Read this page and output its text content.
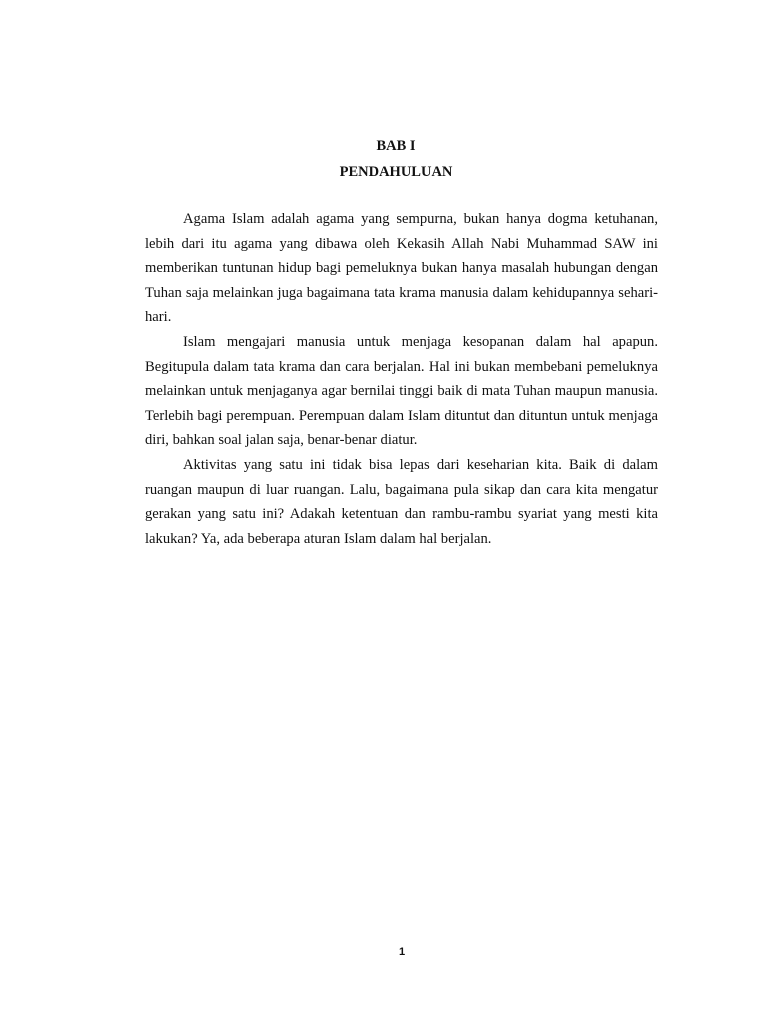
BAB I
PENDAHULUAN

Agama Islam adalah agama yang sempurna, bukan hanya dogma ketuhanan, lebih dari itu agama yang dibawa oleh Kekasih Allah Nabi Muhammad SAW ini memberikan tuntunan hidup bagi pemeluknya bukan hanya masalah hubungan dengan Tuhan saja melainkan juga bagaimana tata krama manusia dalam kehidupannya sehari-hari.

Islam mengajari manusia untuk menjaga kesopanan dalam hal apapun. Begitupula dalam tata krama dan cara berjalan. Hal ini bukan membebani pemeluknya melainkan untuk menjaganya agar bernilai tinggi baik di mata Tuhan maupun manusia. Terlebih bagi perempuan. Perempuan dalam Islam dituntut dan dituntun untuk menjaga diri, bahkan soal jalan saja, benar-benar diatur.

Aktivitas yang satu ini tidak bisa lepas dari keseharian kita. Baik di dalam ruangan maupun di luar ruangan. Lalu, bagaimana pula sikap dan cara kita mengatur gerakan yang satu ini? Adakah ketentuan dan rambu-rambu syariat yang mesti kita lakukan? Ya, ada beberapa aturan Islam dalam hal berjalan.

1
